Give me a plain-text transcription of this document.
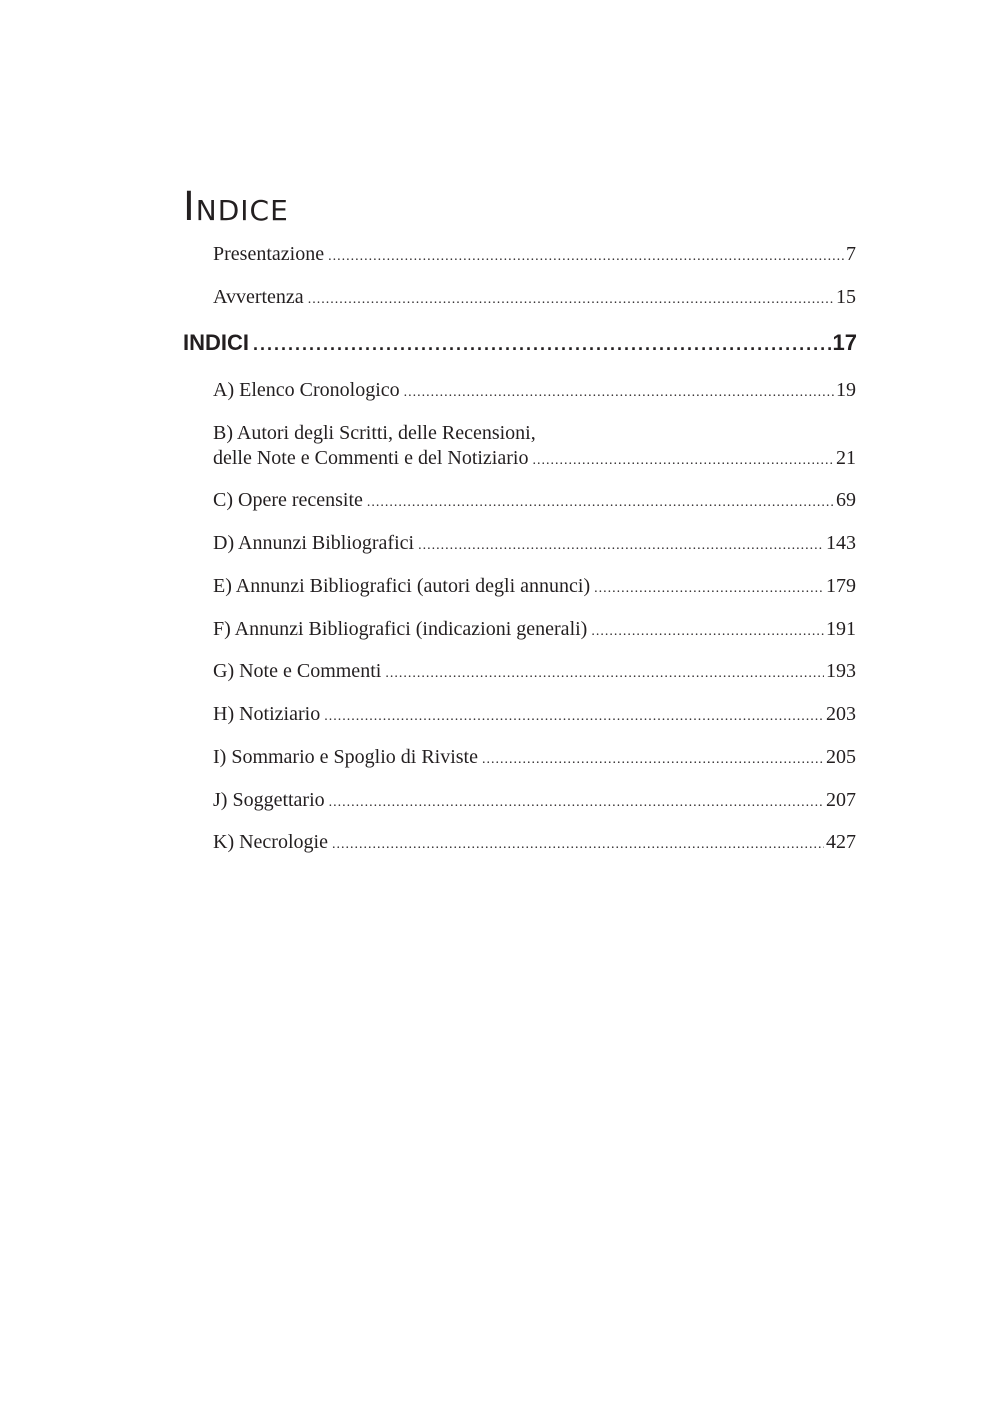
Indice
Presentazione .....	7
Avvertenza .....	15
INDICI .....	17
A) Elenco Cronologico .....	19
B) Autori degli Scritti, delle Recensioni,
delle Note e Commenti e del Notiziario .....	21
C) Opere recensite .....	69
D) Annunzi Bibliografici .....	143
E) Annunzi Bibliografici (autori degli annunci) .....	179
F) Annunzi Bibliografici (indicazioni generali) .....	191
G) Note e Commenti .....	193
H) Notiziario .....	203
I) Sommario e Spoglio di Riviste .....	205
J) Soggettario .....	207
K) Necrologie .....	427
